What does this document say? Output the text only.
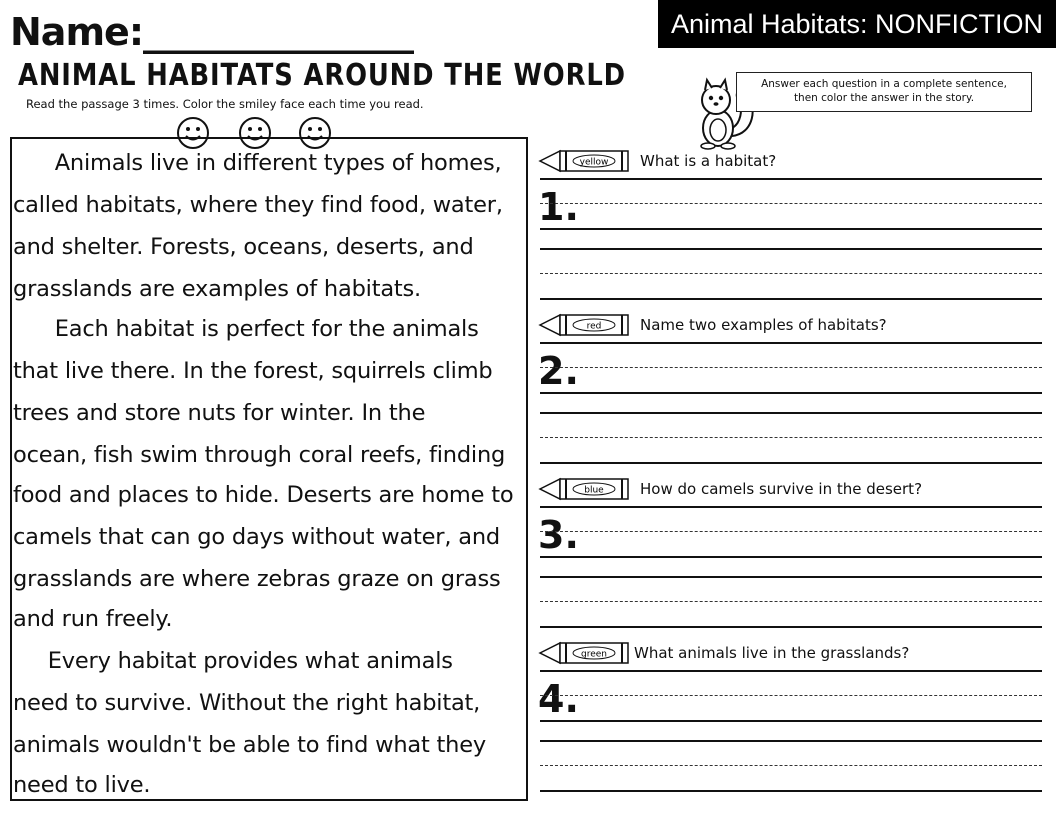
Name:_______________	Animal Habitats: NONFICTION
ANIMAL HABITATS AROUND THE WORLD
Read the passage 3 times. Color the smiley face each time you read.
Answer each question in a complete sentence,
then color the answer in the story.
Animals live in different types of homes,
called habitats, where they find food, water,
and shelter. Forests, oceans, deserts, and
grasslands are examples of habitats.
Each habitat is perfect for the animals
that live there. In the forest, squirrels climb
trees and store nuts for winter. In the
ocean, fish swim through coral reefs, finding
food and places to hide. Deserts are home to
camels that can go days without water, and
grasslands are where zebras graze on grass
and run freely.
Every habitat provides what animals
need to survive. Without the right habitat,
animals wouldn't be able to find what they
need to live.
yellow What is a habitat?
1.
red	Name two examples of habitats?
2.
blue How do camels survive in the desert?
3.
green What animals live in the grasslands?
4.
